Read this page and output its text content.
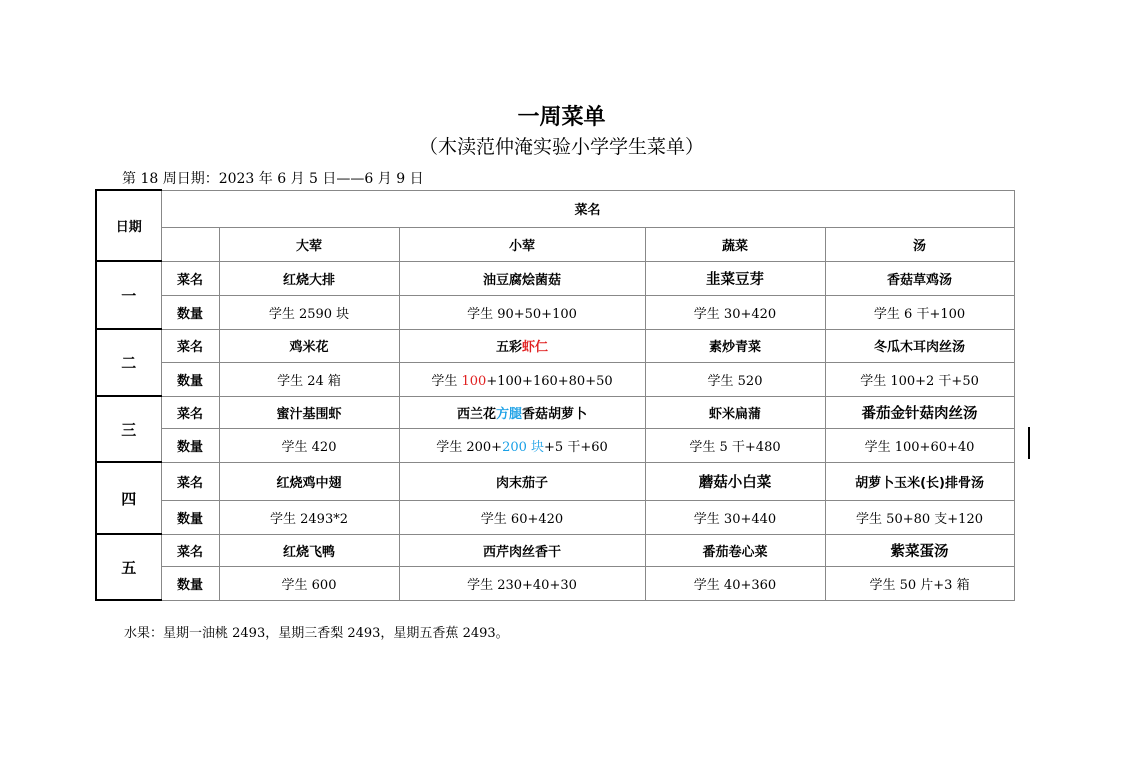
一周菜单
（木渎范仲淹实验小学学生菜单）
第 18 周日期：2023 年 6 月 5 日——6 月 9 日
日期	菜名				
		大荤	小荤	蔬菜	汤
一	菜名	红烧大排	油豆腐烩菌菇	韭菜豆芽	香菇草鸡汤
	数量	学生 2590 块	学生 90+50+100	学生 30+420	学生 6 干+100
二	菜名	鸡米花	五彩虾仁	素炒青菜	冬瓜木耳肉丝汤
	数量	学生 24 箱	学生 100+100+160+80+50	学生 520	学生 100+2 干+50
三	菜名	蜜汁基围虾	西兰花方腿香菇胡萝卜	虾米扁蒲	番茄金针菇肉丝汤
	数量	学生 420	学生 200+200 块+5 干+60	学生 5 干+480	学生 100+60+40
四	菜名	红烧鸡中翅	肉末茄子	蘑菇小白菜	胡萝卜玉米(长)排骨汤
	数量	学生 2493*2	学生 60+420	学生 30+440	学生 50+80 支+120
五	菜名	红烧飞鸭	西芹肉丝香干	番茄卷心菜	紫菜蛋汤
	数量	学生 600	学生 230+40+30	学生 40+360	学生 50 片+3 箱
水果：星期一油桃 2493，星期三香梨 2493，星期五香蕉 2493。
